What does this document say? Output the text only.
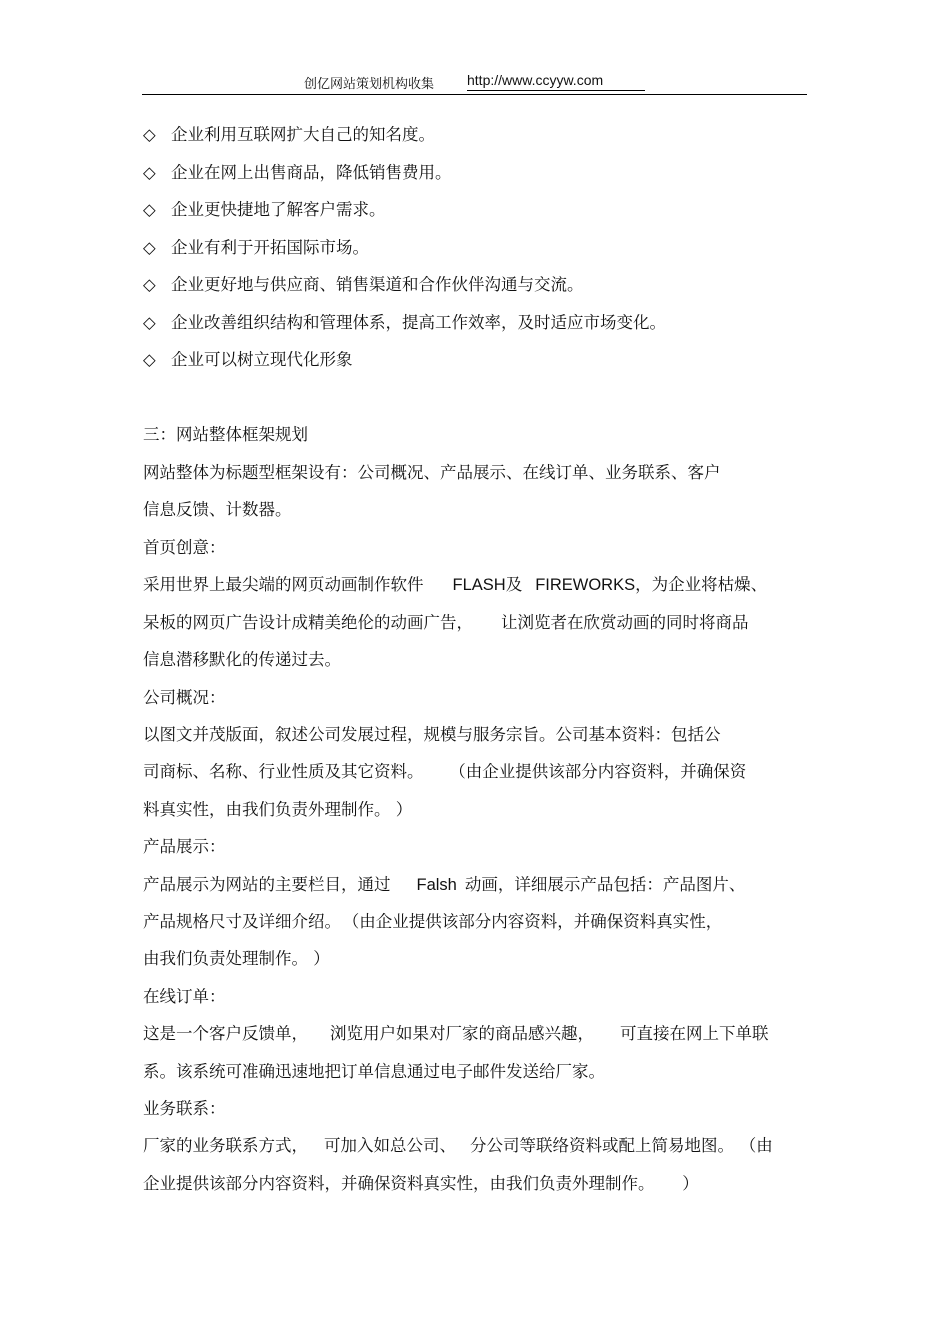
创亿网站策划机构收集 http://www.ccyyw.com
◇ 企业利用互联网扩大自己的知名度。
◇ 企业在网上出售商品，降低销售费用。
◇ 企业更快捷地了解客户需求。
◇ 企业有利于开拓国际市场。
◇ 企业更好地与供应商、销售渠道和合作伙伴沟通与交流。
◇ 企业改善组织结构和管理体系，提高工作效率，及时适应市场变化。
◇ 企业可以树立现代化形象
三：网站整体框架规划
网站整体为标题型框架设有：公司概况、产品展示、在线订单、业务联系、客户
信息反馈、计数器。
首页创意：
采用世界上最尖端的网页动画制作软件 FLASH及 FIREWORKS，为企业将枯燥、
呆板的网页广告设计成精美绝伦的动画广告， 让浏览者在欣赏动画的同时将商品
信息潜移默化的传递过去。
公司概况：
以图文并茂版面，叙述公司发展过程，规模与服务宗旨。公司基本资料：包括公
司商标、名称、行业性质及其它资料。 （由企业提供该部分内容资料，并确保资
料真实性，由我们负责外理制作。 ）
产品展示：
产品展示为网站的主要栏目，通过 Falsh 动画，详细展示产品包括：产品图片、
产品规格尺寸及详细介绍。 （由企业提供该部分内容资料，并确保资料真实性，
由我们负责处理制作。 ）
在线订单：
这是一个客户反馈单， 浏览用户如果对厂家的商品感兴趣， 可直接在网上下单联
系。该系统可准确迅速地把订单信息通过电子邮件发送给厂家。
业务联系：
厂家的业务联系方式， 可加入如总公司、 分公司等联络资料或配上简易地图。 （由
企业提供该部分内容资料，并确保资料真实性，由我们负责外理制作。 ）
